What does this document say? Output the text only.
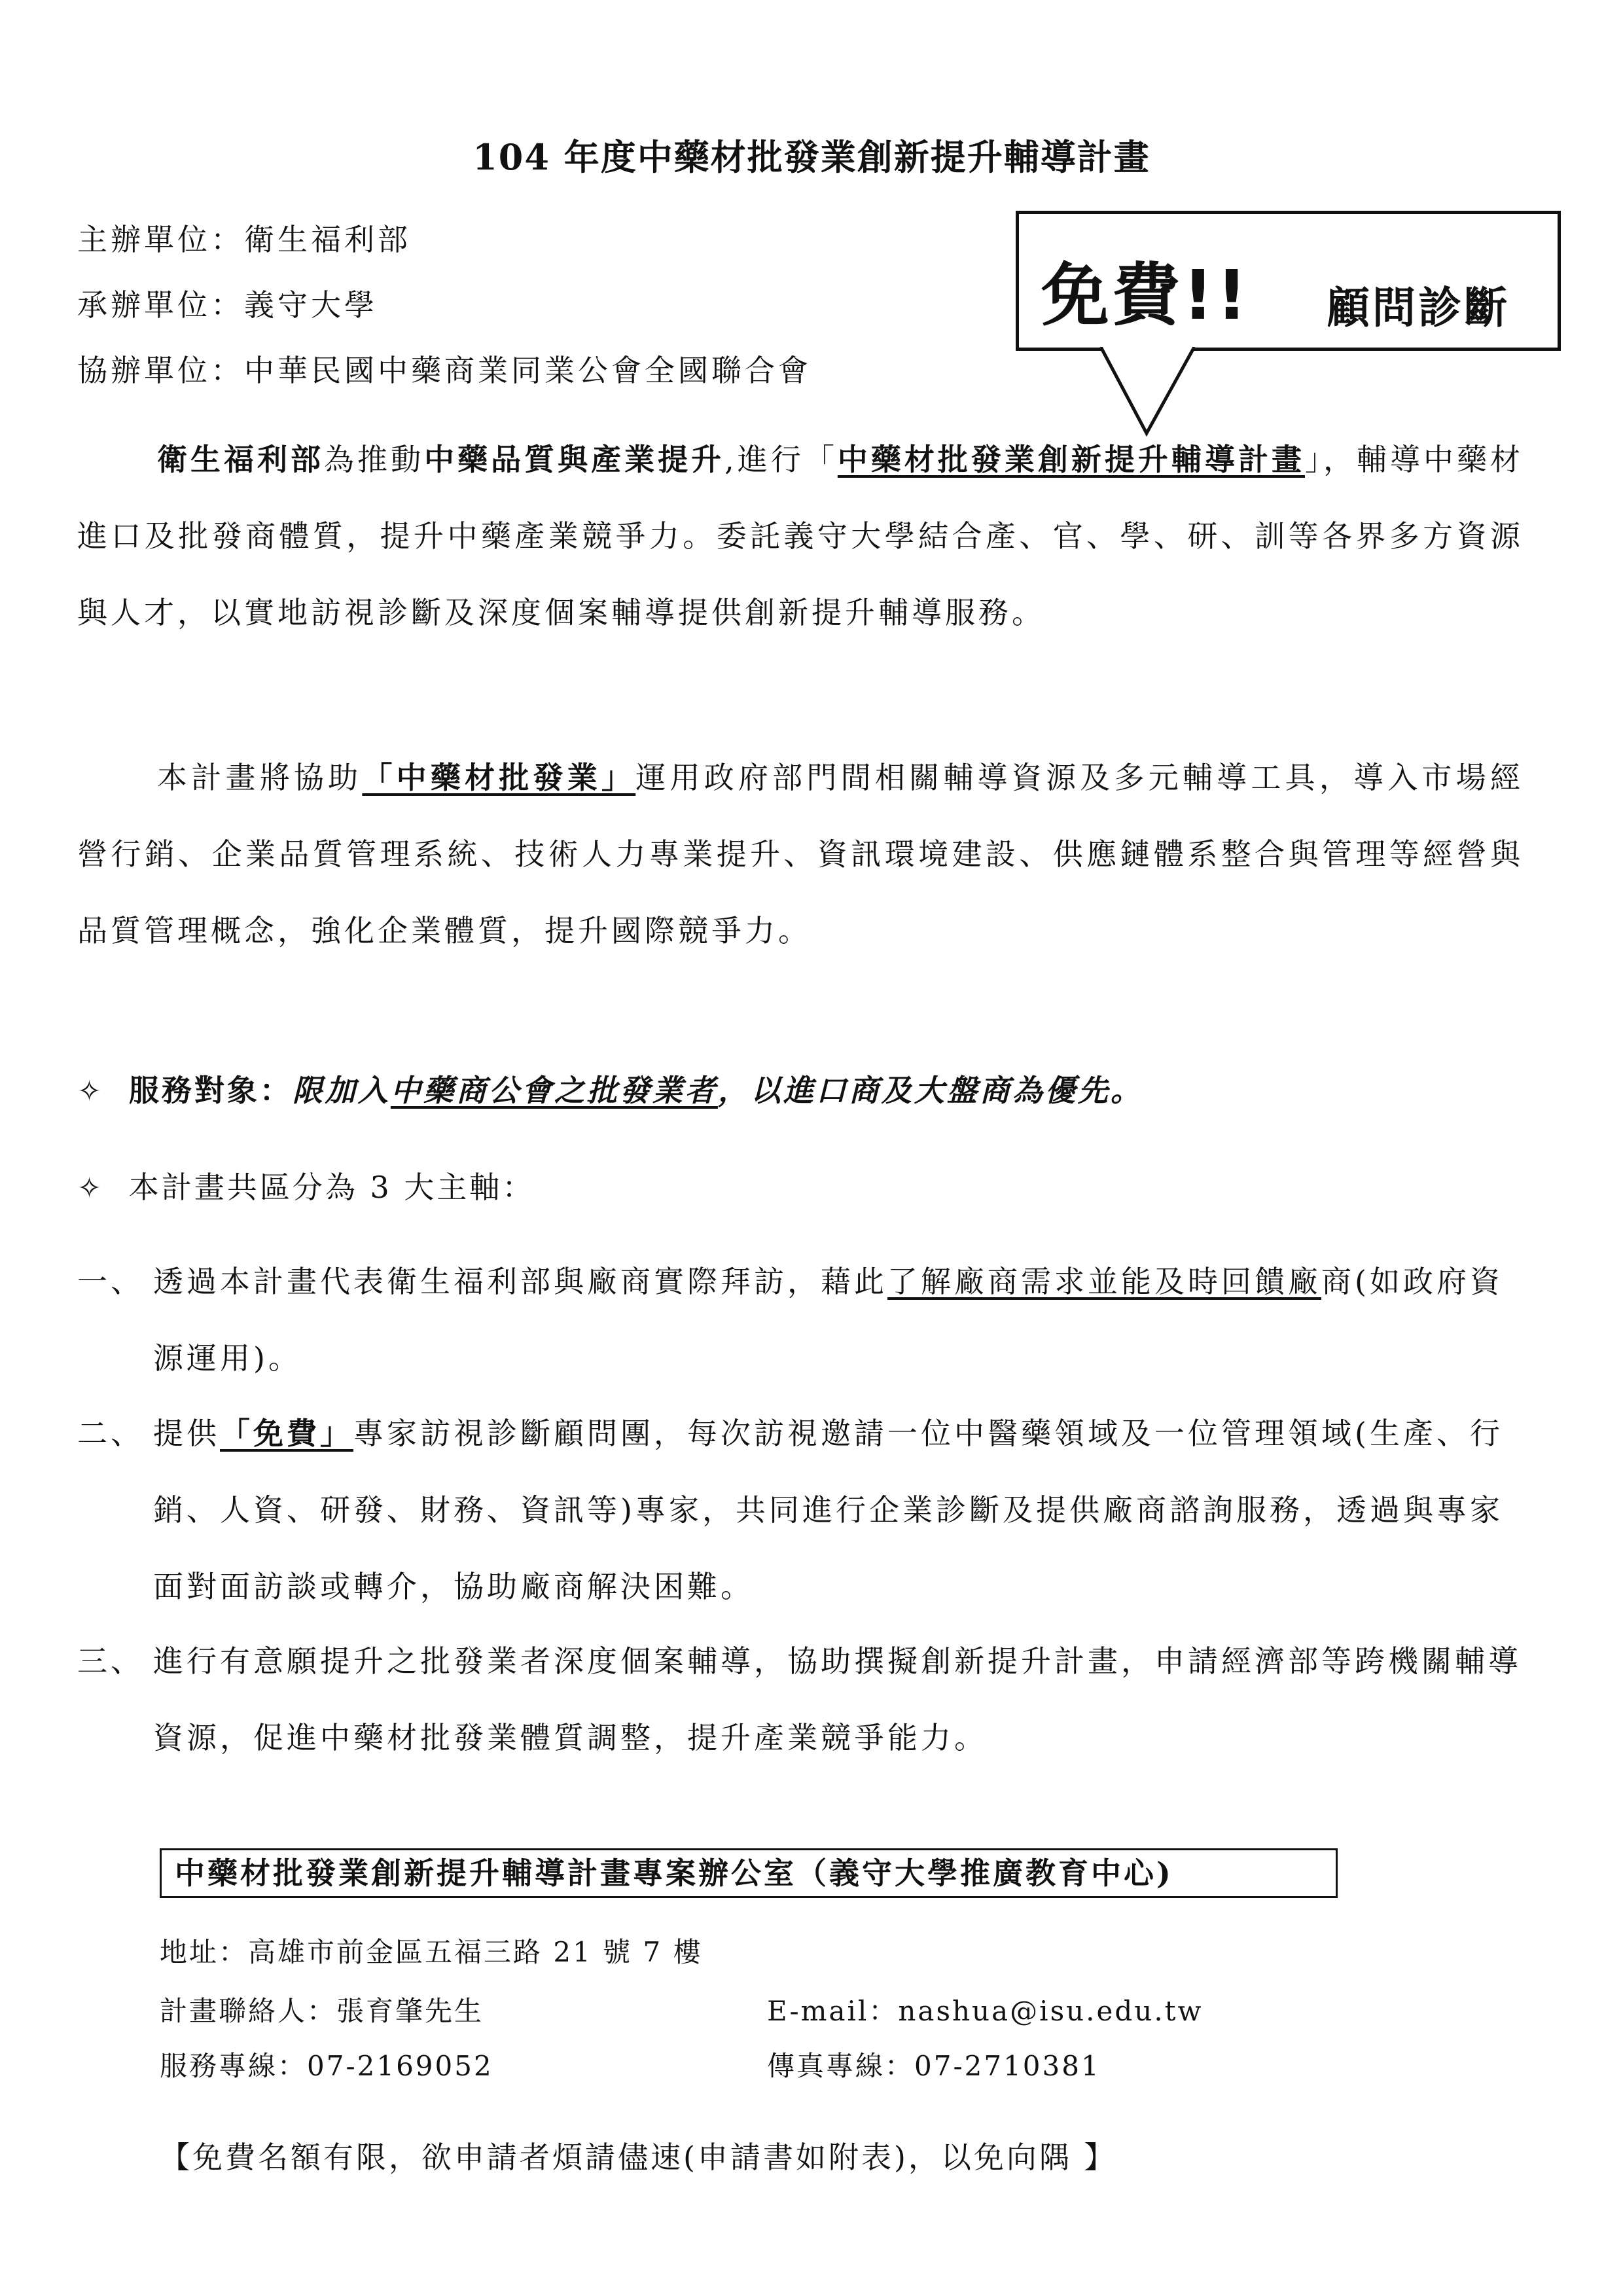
104 年度中藥材批發業創新提升輔導計畫
主辦單位：衛生福利部
承辦單位：義守大學
協辦單位：中華民國中藥商業同業公會全國聯合會
免費!! 顧問診斷
衛生福利部為推動中藥品質與產業提升,進行「中藥材批發業創新提升輔導計畫」，輔導中藥材進口及批發商體質，提升中藥產業競爭力。委託義守大學結合產、官、學、研、訓等各界多方資源與人才，以實地訪視診斷及深度個案輔導提供創新提升輔導服務。
本計畫將協助「中藥材批發業」運用政府部門間相關輔導資源及多元輔導工具，導入市場經營行銷、企業品質管理系統、技術人力專業提升、資訊環境建設、供應鏈體系整合與管理等經營與品質管理概念，強化企業體質，提升國際競爭力。
✧ 服務對象：限加入中藥商公會之批發業者，以進口商及大盤商為優先。
✧ 本計畫共區分為 3 大主軸：
一、 透過本計畫代表衛生福利部與廠商實際拜訪，藉此了解廠商需求並能及時回饋廠商(如政府資源運用)。
二、 提供「免費」專家訪視診斷顧問團，每次訪視邀請一位中醫藥領域及一位管理領域(生產、行銷、人資、研發、財務、資訊等)專家，共同進行企業診斷及提供廠商諮詢服務，透過與專家面對面訪談或轉介，協助廠商解決困難。
三、 進行有意願提升之批發業者深度個案輔導，協助撰擬創新提升計畫，申請經濟部等跨機關輔導資源，促進中藥材批發業體質調整，提升產業競爭能力。
中藥材批發業創新提升輔導計畫專案辦公室（義守大學推廣教育中心)
地址：高雄市前金區五福三路 21 號 7 樓
計畫聯絡人：張育肇先生	E-mail：nashua@isu.edu.tw
服務專線：07-2169052	傳真專線：07-2710381
【免費名額有限，欲申請者煩請儘速(申請書如附表)，以免向隅 】
